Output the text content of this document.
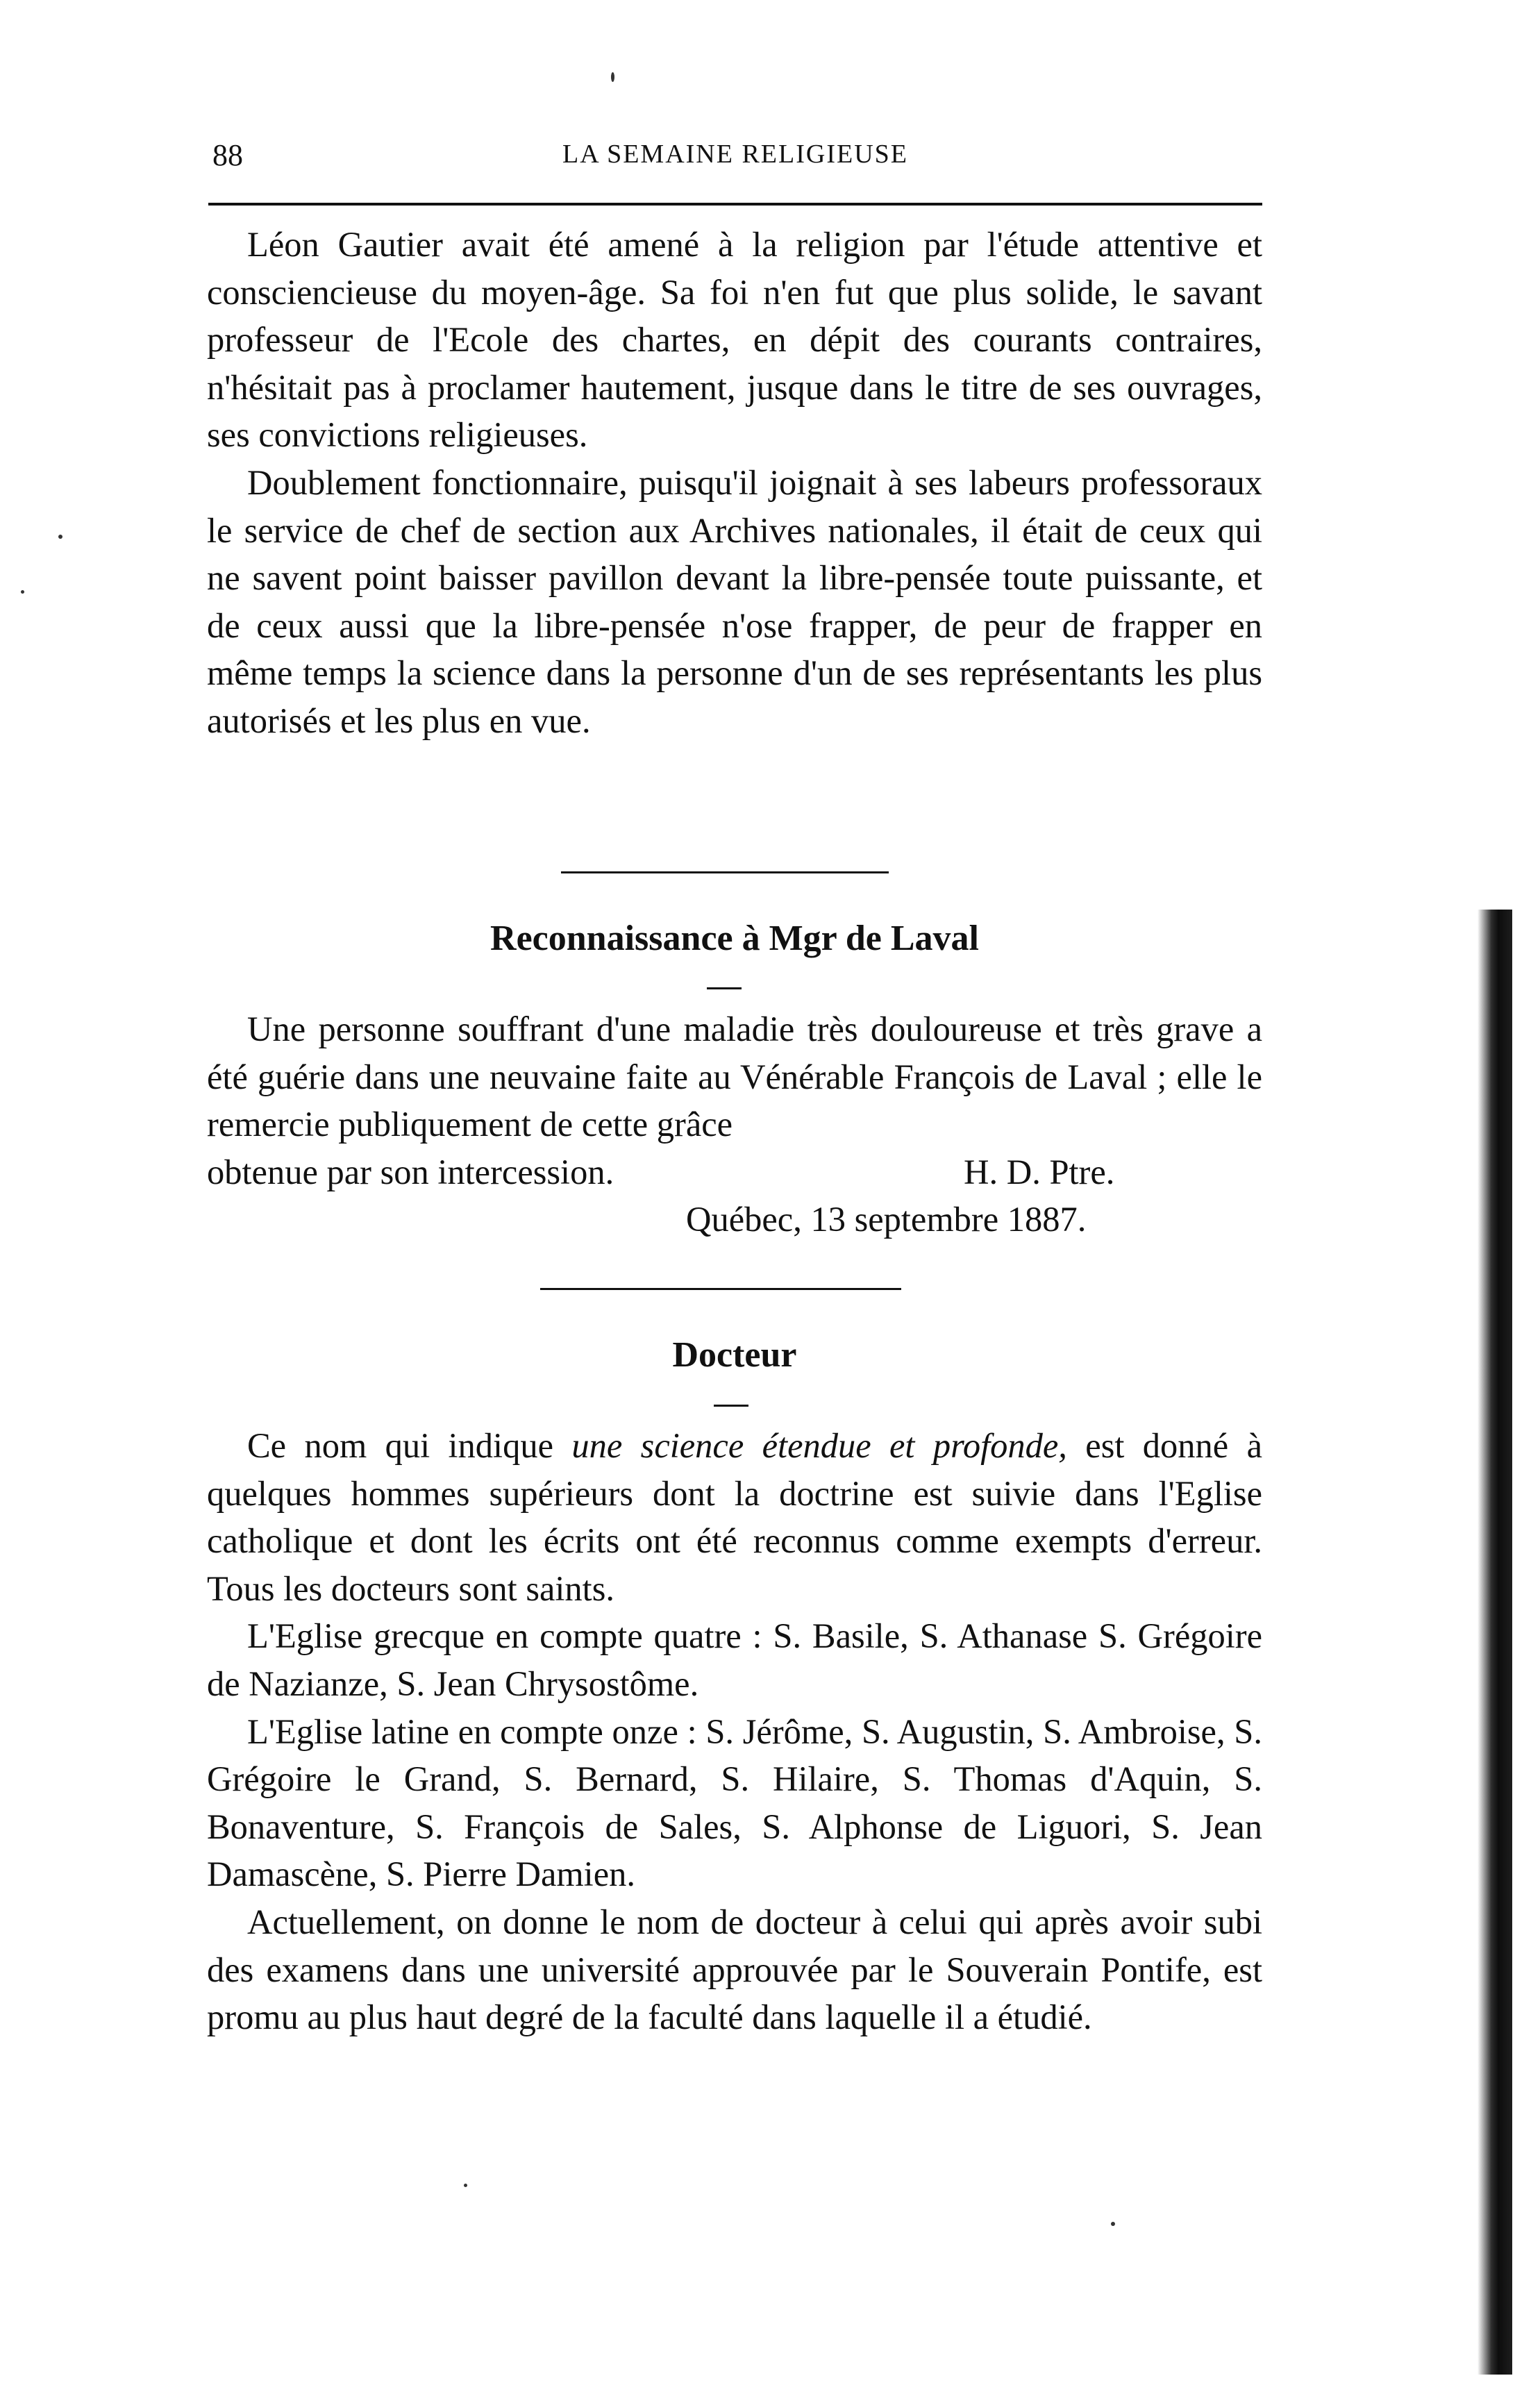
88	LA SEMAINE RELIGIEUSE

Léon Gautier avait été amené à la religion par l'étude attentive et consciencieuse du moyen-âge. Sa foi n'en fut que plus solide, le savant professeur de l'Ecole des chartes, en dépit des courants contraires, n'hésitait pas à proclamer hautement, jusque dans le titre de ses ouvrages, ses convictions religieuses.

Doublement fonctionnaire, puisqu'il joignait à ses labeurs professoraux le service de chef de section aux Archives nationales, il était de ceux qui ne savent point baisser pavillon devant la libre-pensée toute puissante, et de ceux aussi que la libre-pensée n'ose frapper, de peur de frapper en même temps la science dans la personne d'un de ses représentants les plus autorisés et les plus en vue.

Reconnaissance à Mgr de Laval

Une personne souffrant d'une maladie très douloureuse et très grave a été guérie dans une neuvaine faite au Vénérable François de Laval ; elle le remercie publiquement de cette grâce

obtenue par son intercession.	H. D. Ptre.

Québec, 13 septembre 1887.

Docteur

Ce nom qui indique une science étendue et profonde, est donné à quelques hommes supérieurs dont la doctrine est suivie dans l'Eglise catholique et dont les écrits ont été reconnus comme exempts d'erreur. Tous les docteurs sont saints.

L'Eglise grecque en compte quatre : S. Basile, S. Athanase S. Grégoire de Nazianze, S. Jean Chrysostôme.

L'Eglise latine en compte onze : S. Jérôme, S. Augustin, S. Ambroise, S. Grégoire le Grand, S. Bernard, S. Hilaire, S. Thomas d'Aquin, S. Bonaventure, S. François de Sales, S. Alphonse de Liguori, S. Jean Damascène, S. Pierre Damien.

Actuellement, on donne le nom de docteur à celui qui après avoir subi des examens dans une université approuvée par le Souverain Pontife, est promu au plus haut degré de la faculté dans laquelle il a étudié.
